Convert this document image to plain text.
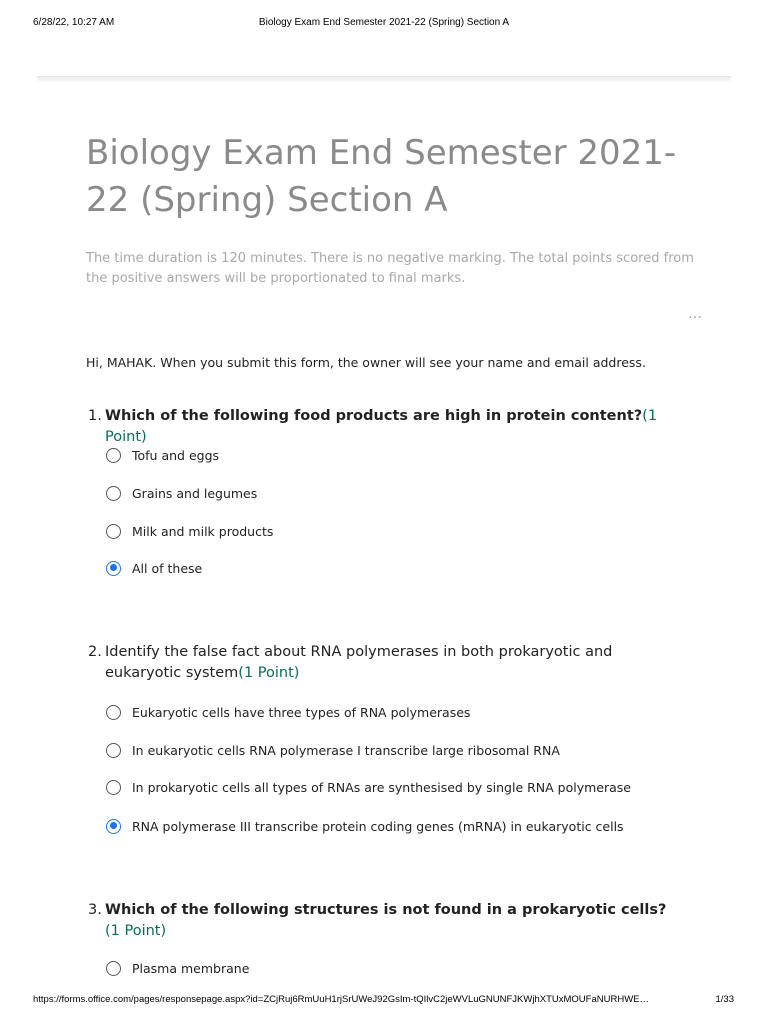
6/28/22, 10:27 AM	Biology Exam End Semester 2021-22 (Spring) Section A
Biology Exam End Semester 2021-22 (Spring) Section A
The time duration is 120 minutes. There is no negative marking. The total points scored from the positive answers will be proportionated to final marks.
…
Hi, MAHAK. When you submit this form, the owner will see your name and email address.
1. Which of the following food products are high in protein content?(1 Point)
Tofu and eggs
Grains and legumes
Milk and milk products
All of these
2. Identify the false fact about RNA polymerases in both prokaryotic and eukaryotic system(1 Point)
Eukaryotic cells have three types of RNA polymerases
In eukaryotic cells RNA polymerase I transcribe large ribosomal RNA
In prokaryotic cells all types of RNAs are synthesised by single RNA polymerase
RNA polymerase III transcribe protein coding genes (mRNA) in eukaryotic cells
3. Which of the following structures is not found in a prokaryotic cells?
(1 Point)
Plasma membrane
https://forms.office.com/pages/responsepage.aspx?id=ZCjRuj6RmUuH1rjSrUWeJ92GsIm-tQIlvC2jeWVLuGNUNFJKWjhXTUxMOUFaNURHWE…	1/33
